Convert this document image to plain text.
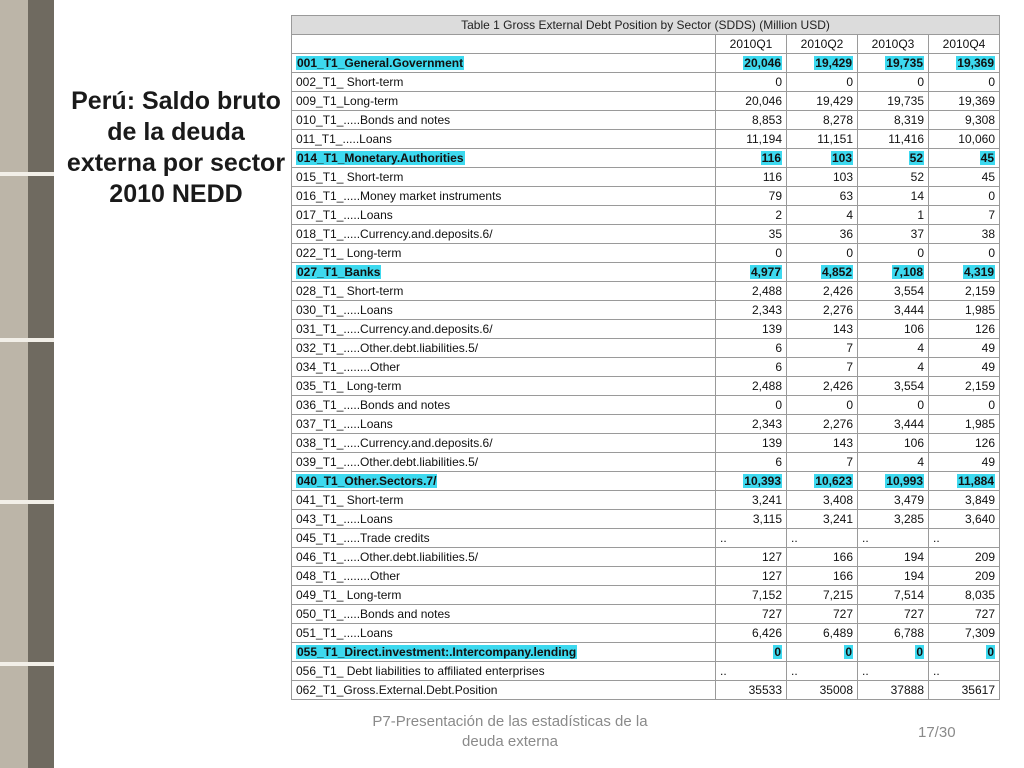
Perú: Saldo bruto de la deuda externa por sector 2010 NEDD
Table 1 Gross External Debt Position by Sector (SDDS) (Million USD)
	2010Q1	2010Q2	2010Q3	2010Q4
001_T1_General.Government	20,046	19,429	19,735	19,369
002_T1_ Short-term	0	0	0	0
009_T1_Long-term	20,046	19,429	19,735	19,369
010_T1_.....Bonds and notes	8,853	8,278	8,319	9,308
011_T1_.....Loans	11,194	11,151	11,416	10,060
014_T1_Monetary.Authorities	116	103	52	45
015_T1_ Short-term	116	103	52	45
016_T1_.....Money market instruments	79	63	14	0
017_T1_.....Loans	2	4	1	7
018_T1_.....Currency.and.deposits.6/	35	36	37	38
022_T1_ Long-term	0	0	0	0
027_T1_Banks	4,977	4,852	7,108	4,319
028_T1_ Short-term	2,488	2,426	3,554	2,159
030_T1_.....Loans	2,343	2,276	3,444	1,985
031_T1_.....Currency.and.deposits.6/	139	143	106	126
032_T1_.....Other.debt.liabilities.5/	6	7	4	49
034_T1_........Other	6	7	4	49
035_T1_ Long-term	2,488	2,426	3,554	2,159
036_T1_.....Bonds and notes	0	0	0	0
037_T1_.....Loans	2,343	2,276	3,444	1,985
038_T1_.....Currency.and.deposits.6/	139	143	106	126
039_T1_.....Other.debt.liabilities.5/	6	7	4	49
040_T1_Other.Sectors.7/	10,393	10,623	10,993	11,884
041_T1_ Short-term	3,241	3,408	3,479	3,849
043_T1_.....Loans	3,115	3,241	3,285	3,640
045_T1_.....Trade credits	..	..	..	..
046_T1_.....Other.debt.liabilities.5/	127	166	194	209
048_T1_........Other	127	166	194	209
049_T1_ Long-term	7,152	7,215	7,514	8,035
050_T1_.....Bonds and notes	727	727	727	727
051_T1_.....Loans	6,426	6,489	6,788	7,309
055_T1_Direct.investment:.Intercompany.lending	0	0	0	0
056_T1_ Debt liabilities to affiliated enterprises	..	..	..	..
062_T1_Gross.External.Debt.Position	35533	35008	37888	35617
P7-Presentación de las estadísticas de la deuda externa
17/30
